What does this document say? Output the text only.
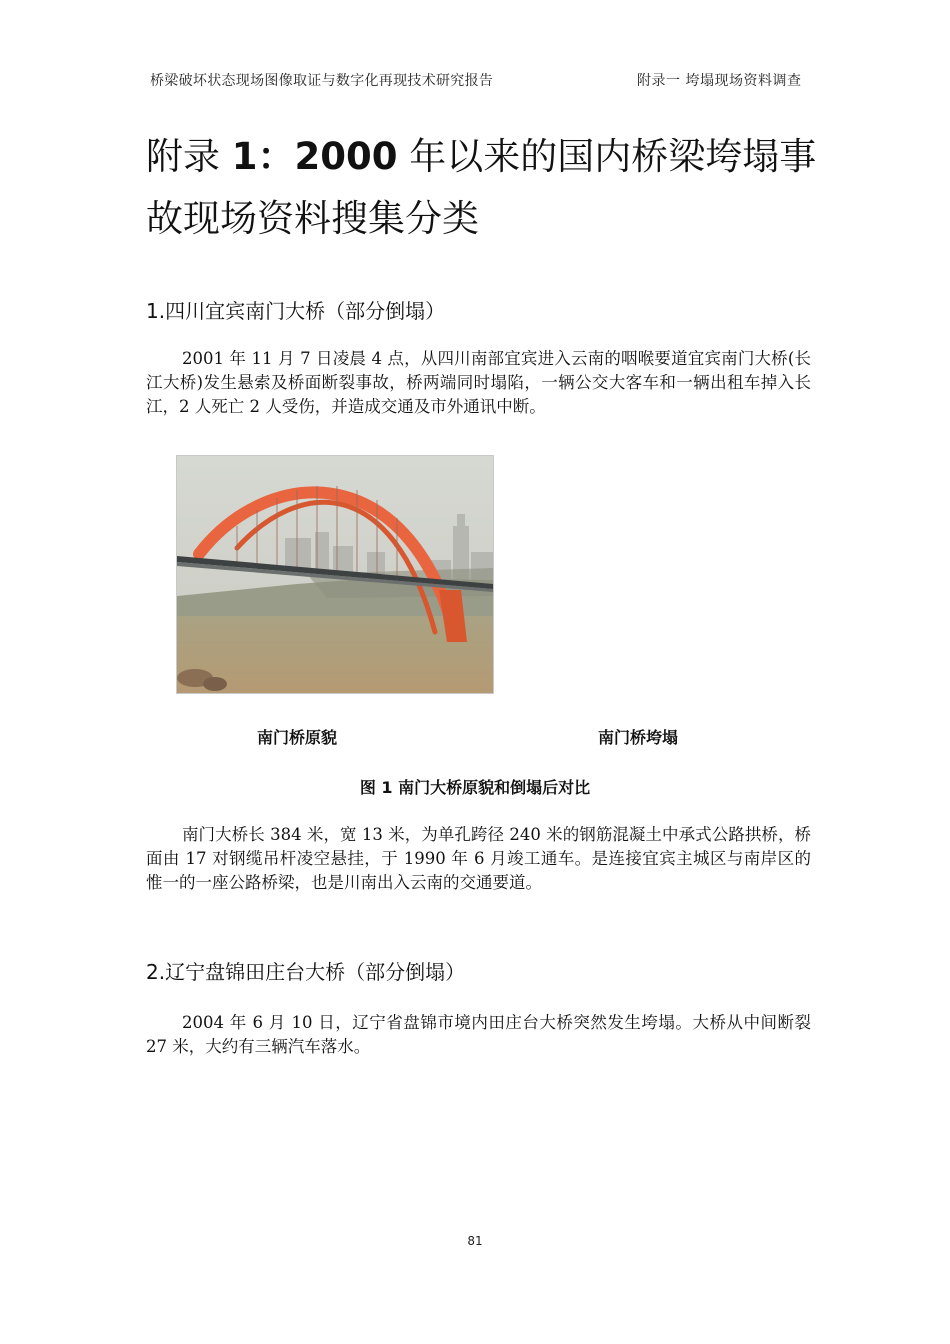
桥梁破坏状态现场图像取证与数字化再现技术研究报告	附录一 垮塌现场资料调查
附录 1：2000 年以来的国内桥梁垮塌事故现场资料搜集分类
1.四川宜宾南门大桥（部分倒塌）

2001 年 11 月 7 日凌晨 4 点，从四川南部宜宾进入云南的咽喉要道宜宾南门大桥(长江大桥)发生悬索及桥面断裂事故，桥两端同时塌陷，一辆公交大客车和一辆出租车掉入长江，2 人死亡 2 人受伤，并造成交通及市外通讯中断。

南门桥原貌	南门桥垮塌
图 1 南门大桥原貌和倒塌后对比

南门大桥长 384 米，宽 13 米，为单孔跨径 240 米的钢筋混凝土中承式公路拱桥，桥面由 17 对钢缆吊杆凌空悬挂，于 1990 年 6 月竣工通车。是连接宜宾主城区与南岸区的惟一的一座公路桥梁，也是川南出入云南的交通要道。

2.辽宁盘锦田庄台大桥（部分倒塌）

2004 年 6 月 10 日，辽宁省盘锦市境内田庄台大桥突然发生垮塌。大桥从中间断裂 27 米，大约有三辆汽车落水。

81
